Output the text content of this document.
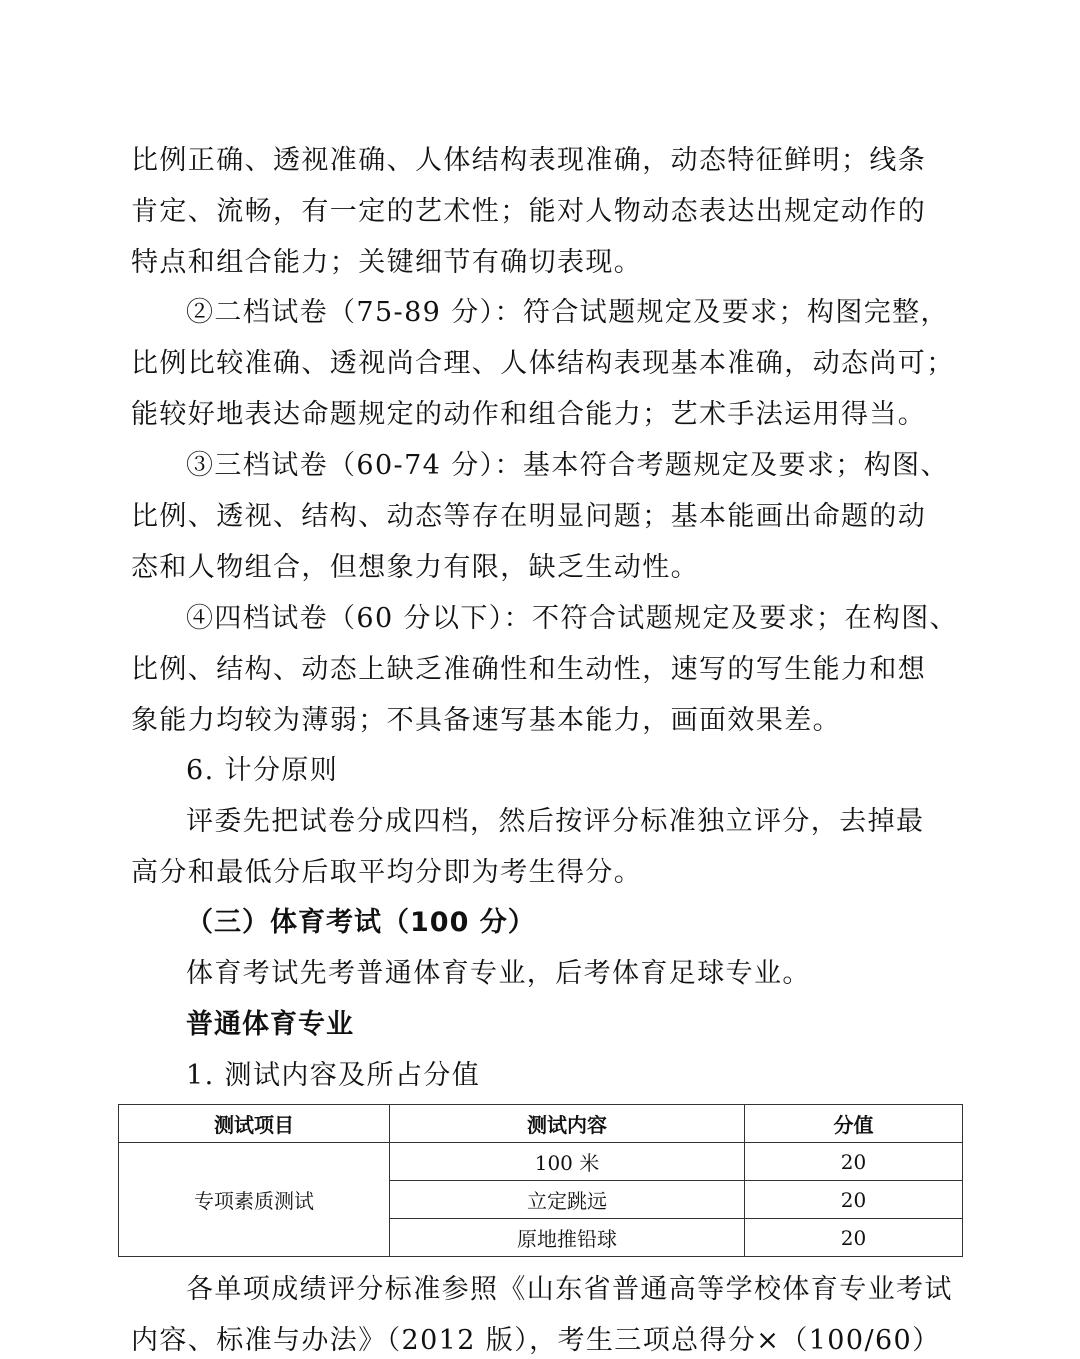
比例正确、透视准确、人体结构表现准确，动态特征鲜明；线条
肯定、流畅，有一定的艺术性；能对人物动态表达出规定动作的
特点和组合能力；关键细节有确切表现。
②二档试卷（75-89 分）：符合试题规定及要求；构图完整，
比例比较准确、透视尚合理、人体结构表现基本准确，动态尚可；
能较好地表达命题规定的动作和组合能力；艺术手法运用得当。
③三档试卷（60-74 分）：基本符合考题规定及要求；构图、
比例、透视、结构、动态等存在明显问题；基本能画出命题的动
态和人物组合，但想象力有限，缺乏生动性。
④四档试卷（60 分以下）：不符合试题规定及要求；在构图、
比例、结构、动态上缺乏准确性和生动性，速写的写生能力和想
象能力均较为薄弱；不具备速写基本能力，画面效果差。
6. 计分原则
评委先把试卷分成四档，然后按评分标准独立评分，去掉最
高分和最低分后取平均分即为考生得分。
（三）体育考试（100 分）
体育考试先考普通体育专业，后考体育足球专业。
普通体育专业
1. 测试内容及所占分值
测试项目	测试内容	分值
专项素质测试	100 米	20
	立定跳远	20
	原地推铅球	20
各单项成绩评分标准参照《山东省普通高等学校体育专业考试
内容、标准与办法》（2012 版），考生三项总得分×（100/60）
